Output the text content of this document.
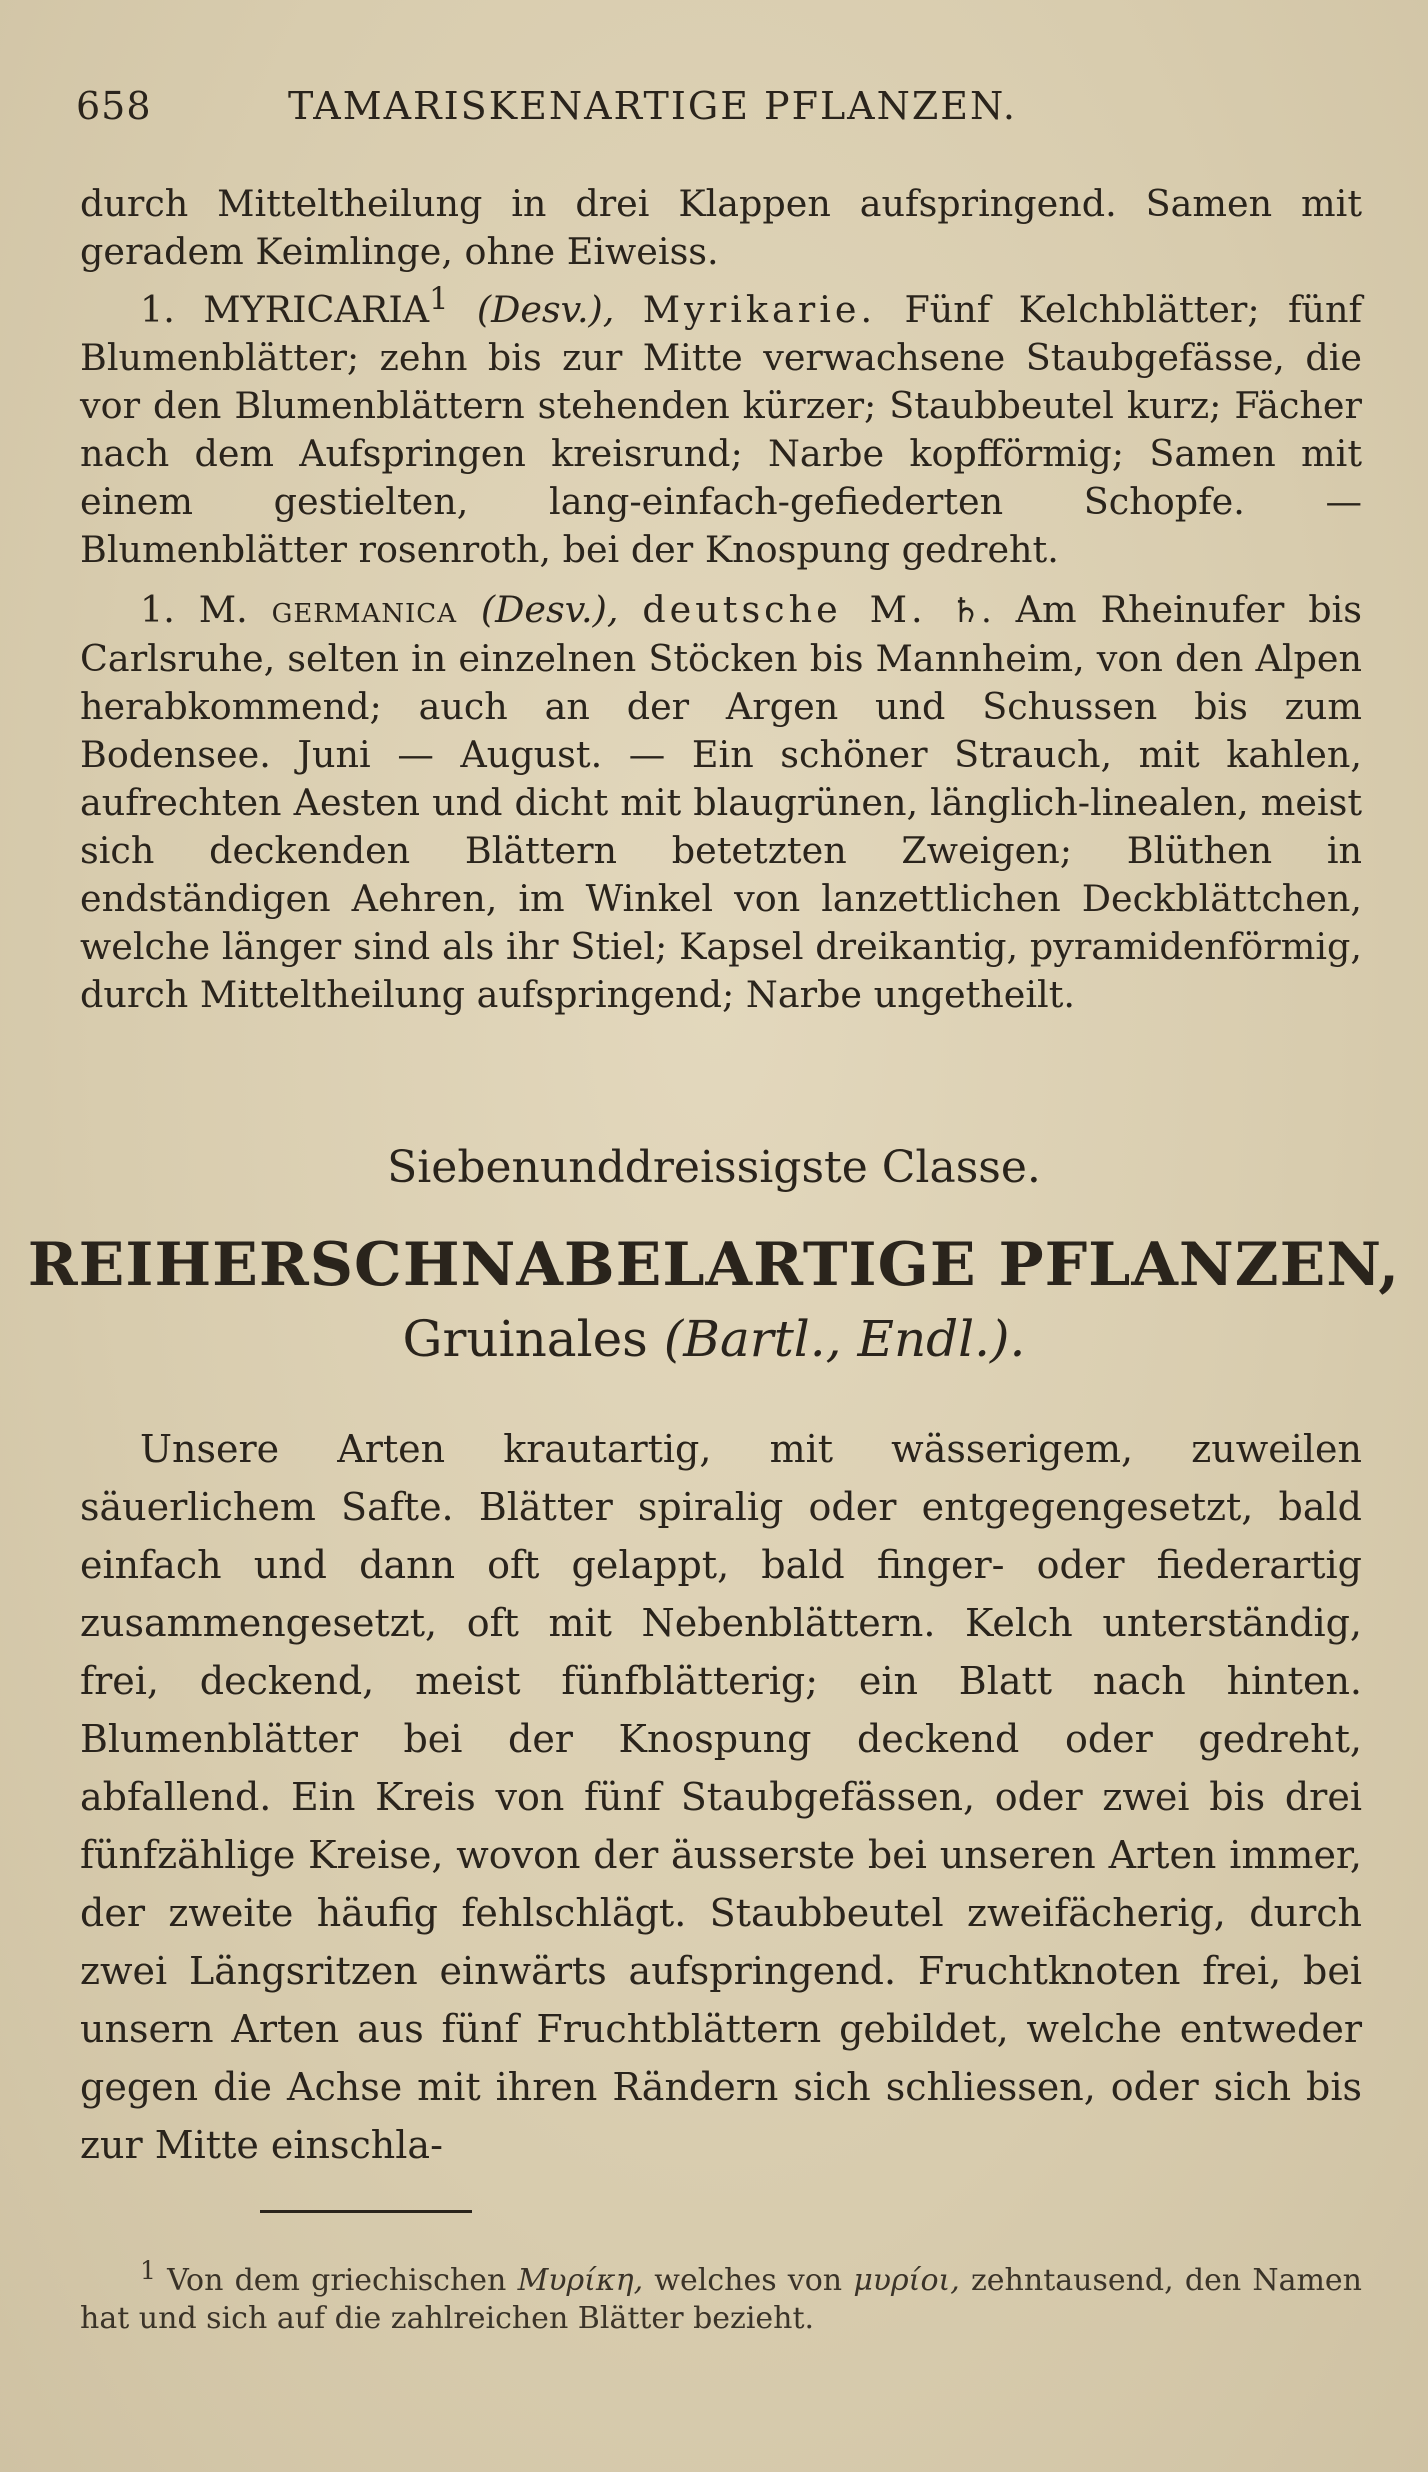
658	TAMARISKENARTIGE PFLANZEN.

durch Mitteltheilung in drei Klappen aufspringend. Samen mit geradem Keimlinge, ohne Eiweiss.

1. MYRICARIA$^1$ (Desv.), Myrikarie. Fünf Kelchblätter; fünf Blumenblätter; zehn bis zur Mitte verwachsene Staubgefässe, die vor den Blumenblättern stehenden kürzer; Staubbeutel kurz; Fächer nach dem Aufspringen kreisrund; Narbe kopfförmig; Samen mit einem gestielten, lang-einfach-gefiederten Schopfe. — Blumenblätter rosenroth, bei der Knospung gedreht.

1. M. germanica (Desv.), deutsche M. ♄. Am Rheinufer bis Carlsruhe, selten in einzelnen Stöcken bis Mannheim, von den Alpen herabkommend; auch an der Argen und Schussen bis zum Bodensee. Juni — August. — Ein schöner Strauch, mit kahlen, aufrechten Aesten und dicht mit blaugrünen, länglich-linealen, meist sich deckenden Blättern betetzten Zweigen; Blüthen in endständigen Aehren, im Winkel von lanzettlichen Deckblättchen, welche länger sind als ihr Stiel; Kapsel dreikantig, pyramidenförmig, durch Mitteltheilung aufspringend; Narbe ungetheilt.

Siebenunddreissigste Classe.
REIHERSCHNABELARTIGE PFLANZEN,
Gruinales (Bartl., Endl.).

Unsere Arten krautartig, mit wässerigem, zuweilen säuerlichem Safte. Blätter spiralig oder entgegengesetzt, bald einfach und dann oft gelappt, bald finger- oder fiederartig zusammengesetzt, oft mit Nebenblättern. Kelch unterständig, frei, deckend, meist fünfblätterig; ein Blatt nach hinten. Blumenblätter bei der Knospung deckend oder gedreht, abfallend. Ein Kreis von fünf Staubgefässen, oder zwei bis drei fünfzählige Kreise, wovon der äusserste bei unseren Arten immer, der zweite häufig fehlschlägt. Staubbeutel zweifächerig, durch zwei Längsritzen einwärts aufspringend. Fruchtknoten frei, bei unsern Arten aus fünf Fruchtblättern gebildet, welche entweder gegen die Achse mit ihren Rändern sich schliessen, oder sich bis zur Mitte einschla-

$^1$ Von dem griechischen Μυρίκη, welches von μυρίοι, zehntausend, den Namen hat und sich auf die zahlreichen Blätter bezieht.
